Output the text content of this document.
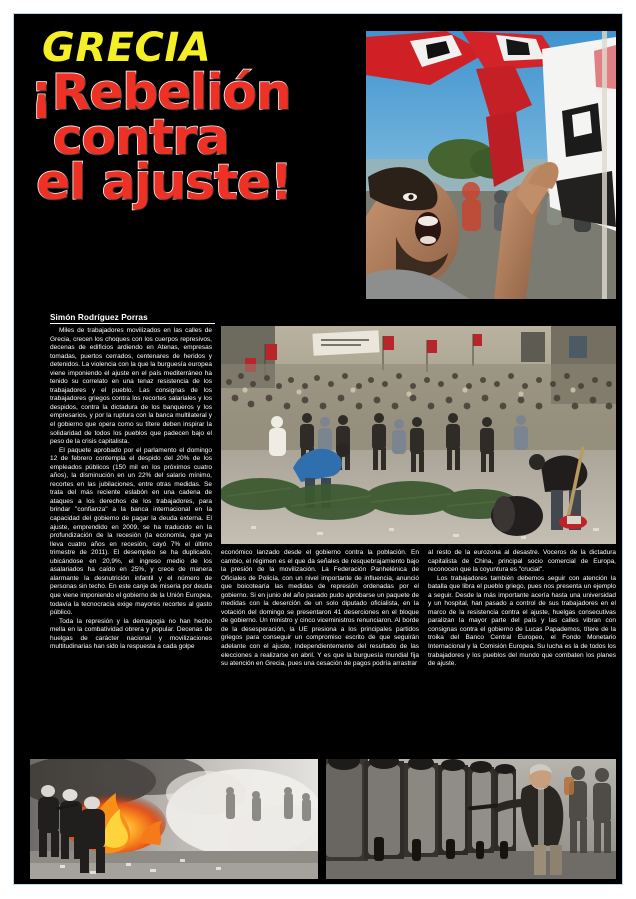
GRECIA
¡Rebelión
contra
el ajuste!
Simón Rodríguez Porras

Miles de trabajadores movilizados en las calles de Grecia, crecen los choques con los cuerpos represivos, decenas de edificios ardiendo en Atenas, empresas tomadas, puertos cerrados, centenares de heridos y detenidos. La violencia con la que la burguesía europea viene imponiendo el ajuste en el país mediterráneo ha tenido su correlato en una tenaz resistencia de los trabajadores y el pueblo. Las consignas de los trabajadores griegos contra los recortes salariales y los despidos, contra la dictadura de los banqueros y los empresarios, y por la ruptura con la banca multilateral y el gobierno que opera como su títere deben inspirar la solidaridad de todos los pueblos que padecen bajo el peso de la crisis capitalista.

El paquete aprobado por el parlamento el domingo 12 de febrero contempla el despido del 20% de los empleados públicos (150 mil en los próximos cuatro años), la disminución en un 22% del salario mínimo, recortes en las jubilaciones, entre otras medidas. Se trata del más reciente eslabón en una cadena de ataques a los derechos de los trabajadores, para brindar "confianza" a la banca internacional en la capacidad del gobierno de pagar la deuda externa. El ajuste, emprendido en 2009, se ha traducido en la profundización de la recesión (la economía, que ya lleva cuatro años en recesión, cayó 7% el último trimestre de 2011). El desempleo se ha duplicado, ubicándose en 20,9%, el ingreso medio de los asalariados ha caído en 25%, y crece de manera alarmante la desnutrición infantil y el número de personas sin techo. En este canje de miseria por deuda que viene imponiendo el gobierno de la Unión Europea, todavía la tecnocracia exige mayores recortes al gasto público.

Toda la represión y la demagogia no han hecho mella en la combatividad obrera y popular. Decenas de huelgas de carácter nacional y movilizaciones multitudinarias han sido la respuesta a cada golpe

económico lanzado desde el gobierno contra la población. En cambio, el régimen es el que da señales de resquebrajamiento bajo la presión de la movilización. La Federación Panhelénica de Oficiales de Policía, con un nivel importante de influencia, anunció que boicotearía las medidas de represión ordenadas por el gobierno. Si en junio del año pasado pudo aprobarse un paquete de medidas con la deserción de un solo diputado oficialista, en la votación del domingo se presentaron 41 deserciones en el bloque de gobierno. Un ministro y cinco viceministros renunciaron. Al borde de la desesperación, la UE presiona a los principales partidos griegos para conseguir un compromiso escrito de que seguirán adelante con el ajuste, independientemente del resultado de las elecciones a realizarse en abril. Y es que la burguesía mundial fija su atención en Grecia, pues una cesación de pagos podría arrastrar

al resto de la eurozona al desastre. Voceros de la dictadura capitalista de China, principal socio comercial de Europa, reconocen que la coyuntura es "crucial".

Los trabajadores también debemos seguir con atención la batalla que libra el pueblo griego, pues nos presenta un ejemplo a seguir. Desde la más importante acería hasta una universidad y un hospital, han pasado a control de sus trabajadores en el marco de la resistencia contra el ajuste, huelgas consecutivas paralizan la mayor parte del país y las calles vibran con consignas contra el gobierno de Lucas Papademos, títere de la troika del Banco Central Europeo, el Fondo Monetario Internacional y la Comisión Europea. Su lucha es la de todos los trabajadores y los pueblos del mundo que combaten los planes de ajuste.
